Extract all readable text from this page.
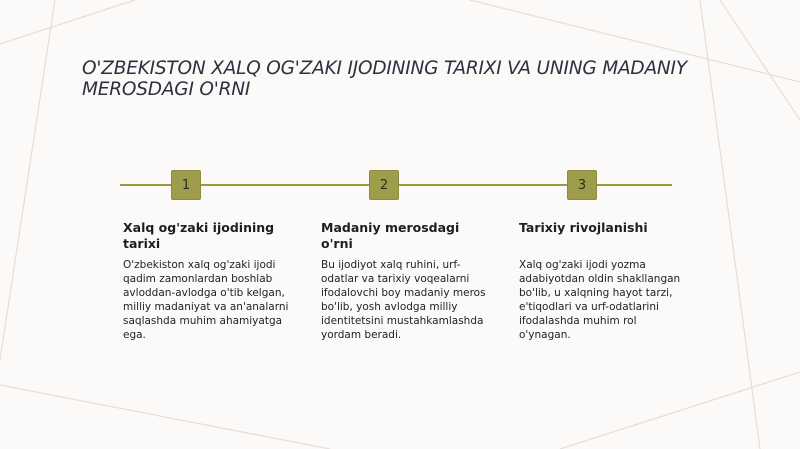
O'ZBEKISTON XALQ OG'ZAKI IJODINING TARIXI VA UNING MADANIY MEROSDAGI O'RNI
1	2	3
Xalq og'zaki ijodining tarixi

O'zbekiston xalq og'zaki ijodi qadim zamonlardan boshlab avloddan-avlodga o'tib kelgan, milliy madaniyat va an'analarni saqlashda muhim ahamiyatga ega.

Madaniy merosdagi o'rni

Bu ijodiyot xalq ruhini, urf-odatlar va tarixiy voqealarni ifodalovchi boy madaniy meros bo'lib, yosh avlodga milliy identitetsini mustahkamlashda yordam beradi.

Tarixiy rivojlanishi

Xalq og'zaki ijodi yozma adabiyotdan oldin shakllangan bo'lib, u xalqning hayot tarzi, e'tiqodlari va urf-odatlarini ifodalashda muhim rol o'ynagan.
